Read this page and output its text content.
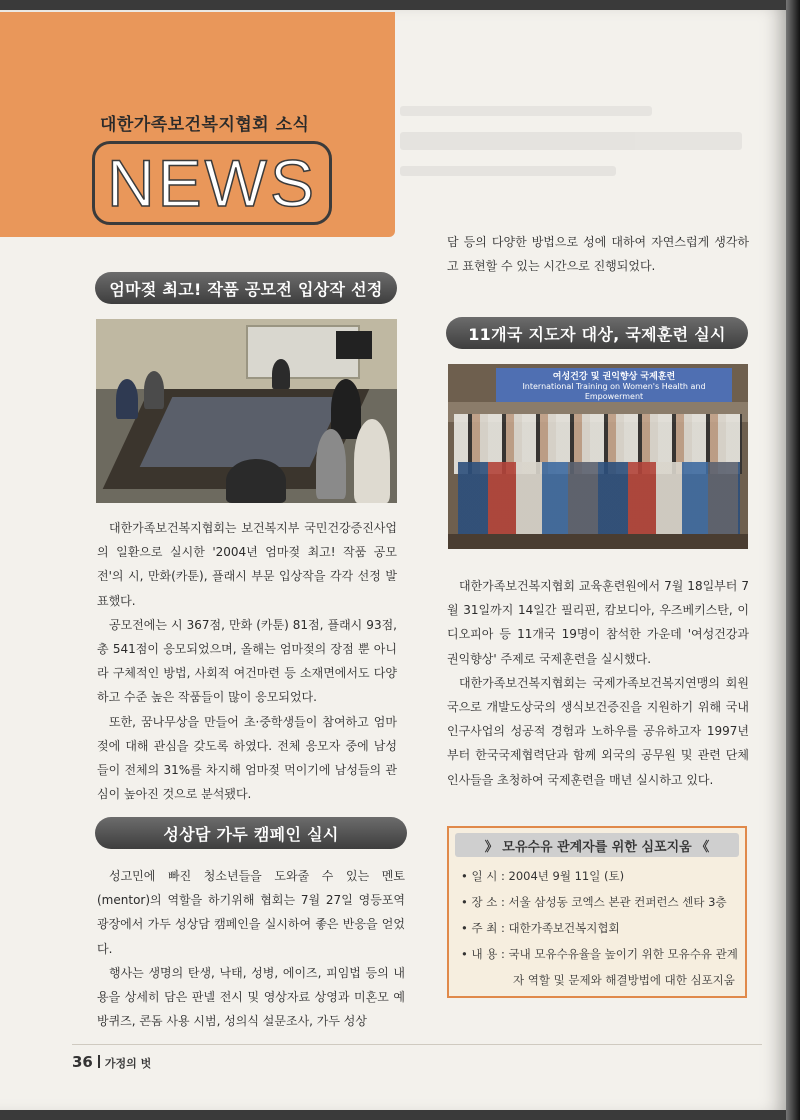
대한가족보건복지협회 소식
NEWS
엄마젖 최고! 작품 공모전 입상작 선정

대한가족보건복지협회는 보건복지부 국민건강증진사업의 일환으로 실시한 '2004년 엄마젖 최고! 작품 공모전'의 시, 만화(카툰), 플래시 부문 입상작을 각각 선정 발표했다.

공모전에는 시 367점, 만화 (카툰) 81점, 플래시 93점, 총 541점이 응모되었으며, 올해는 엄마젖의 장점 뿐 아니라 구체적인 방법, 사회적 여건마련 등 소재면에서도 다양하고 수준 높은 작품들이 많이 응모되었다.

또한, 꿈나무상을 만들어 초·중학생들이 참여하고 엄마젖에 대해 관심을 갖도록 하였다. 전체 응모자 중에 남성들이 전체의 31%를 차지해 엄마젖 먹이기에 남성들의 관심이 높아진 것으로 분석됐다.

성상담 가두 캠페인 실시

성고민에 빠진 청소년들을 도와줄 수 있는 멘토(mentor)의 역할을 하기위해 협회는 7월 27일 영등포역 광장에서 가두 성상담 캠페인을 실시하여 좋은 반응을 얻었다.

행사는 생명의 탄생, 낙태, 성병, 에이즈, 피임법 등의 내용을 상세히 담은 판넬 전시 및 영상자료 상영과 미혼모 예방퀴즈, 콘돔 사용 시범, 성의식 설문조사, 가두 성상

담 등의 다양한 방법으로 성에 대하여 자연스럽게 생각하고 표현할 수 있는 시간으로 진행되었다.

11개국 지도자 대상, 국제훈련 실시
여성건강 및 권익향상 국제훈련
International Training on Women's Health and Empowerment

대한가족보건복지협회 교육훈련원에서 7월 18일부터 7월 31일까지 14일간 필리핀, 캄보디아, 우즈베키스탄, 이디오피아 등 11개국 19명이 참석한 가운데 '여성건강과 권익향상' 주제로 국제훈련을 실시했다.

대한가족보건복지협회는 국제가족보건복지연맹의 회원국으로 개발도상국의 생식보건증진을 지원하기 위해 국내 인구사업의 성공적 경험과 노하우를 공유하고자 1997년부터 한국국제협력단과 함께 외국의 공무원 및 관련 단체 인사들을 초청하여 국제훈련을 매년 실시하고 있다.

》 모유수유 관계자를 위한 심포지움 《
• 일 시 : 2004년 9월 11일 (토)
• 장 소 : 서울 삼성동 코엑스 본관 컨퍼런스 센타 3층
• 주 최 : 대한가족보건복지협회
• 내 용 : 국내 모유수유율을 높이기 위한 모유수유 관계
자 역할 및 문제와 해결방법에 대한 심포지움
36 가정의 벗
